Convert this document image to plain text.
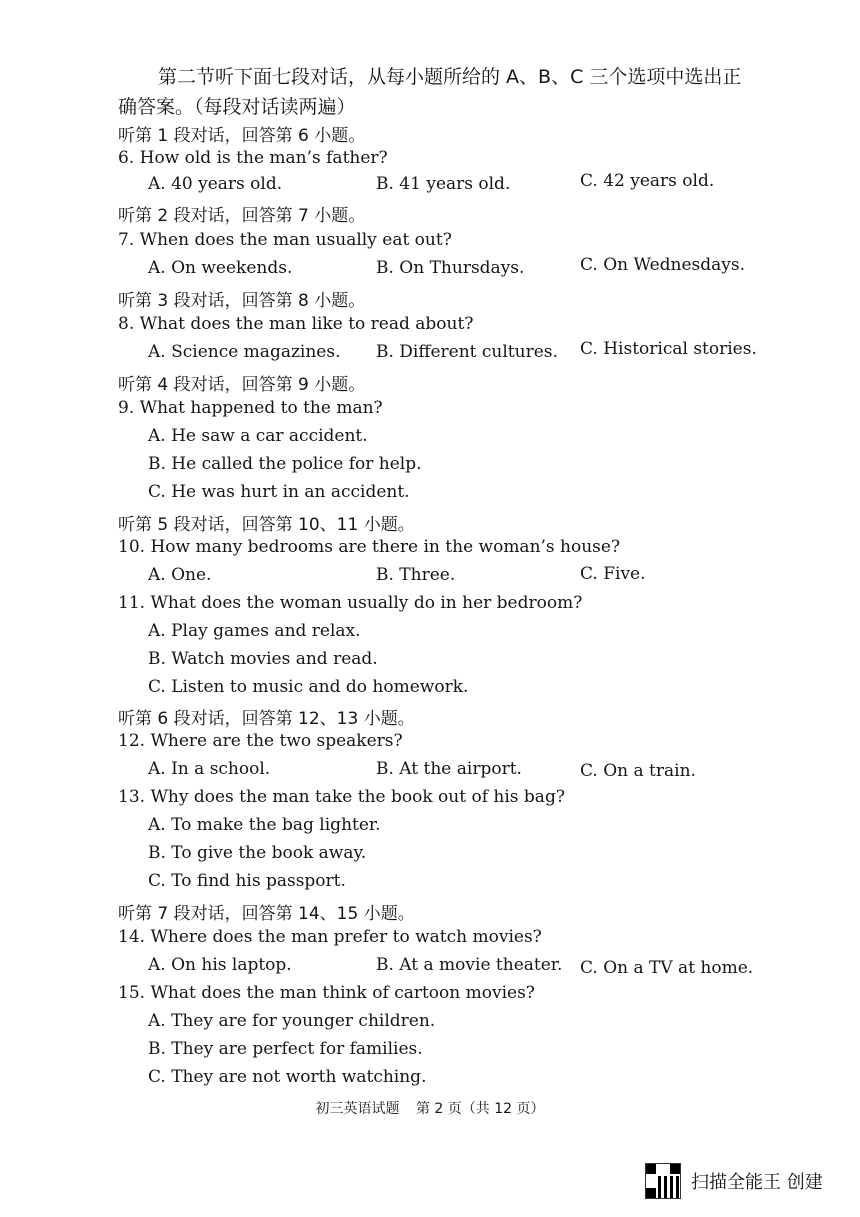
第二节听下面七段对话，从每小题所给的 A、B、C 三个选项中选出正确答案。（每段对话读两遍）
听第 1 段对话，回答第 6 小题。
6. How old is the man’s father?
A. 40 years old.	B. 41 years old.	C. 42 years old.
听第 2 段对话，回答第 7 小题。
7. When does the man usually eat out?
A. On weekends.	B. On Thursdays.	C. On Wednesdays.
听第 3 段对话，回答第 8 小题。
8. What does the man like to read about?
A. Science magazines. B. Different cultures. C. Historical stories.
听第 4 段对话，回答第 9 小题。
9. What happened to the man?
A. He saw a car accident.
B. He called the police for help.
C. He was hurt in an accident.
听第 5 段对话，回答第 10、11 小题。
10. How many bedrooms are there in the woman’s house?
A. One.	B. Three.	C. Five.
11. What does the woman usually do in her bedroom?
A. Play games and relax.
B. Watch movies and read.
C. Listen to music and do homework.
听第 6 段对话，回答第 12、13 小题。
12. Where are the two speakers?
A. In a school.	B. At the airport.	C. On a train.
13. Why does the man take the book out of his bag?
A. To make the bag lighter.
B. To give the book away.
C. To find his passport.
听第 7 段对话，回答第 14、15 小题。
14. Where does the man prefer to watch movies?
A. On his laptop.	B. At a movie theater. C. On a TV at home.
15. What does the man think of cartoon movies?
A. They are for younger children.
B. They are perfect for families.
C. They are not worth watching.
初三英语试题 第 2 页（共 12 页）
扫描全能王 创建
